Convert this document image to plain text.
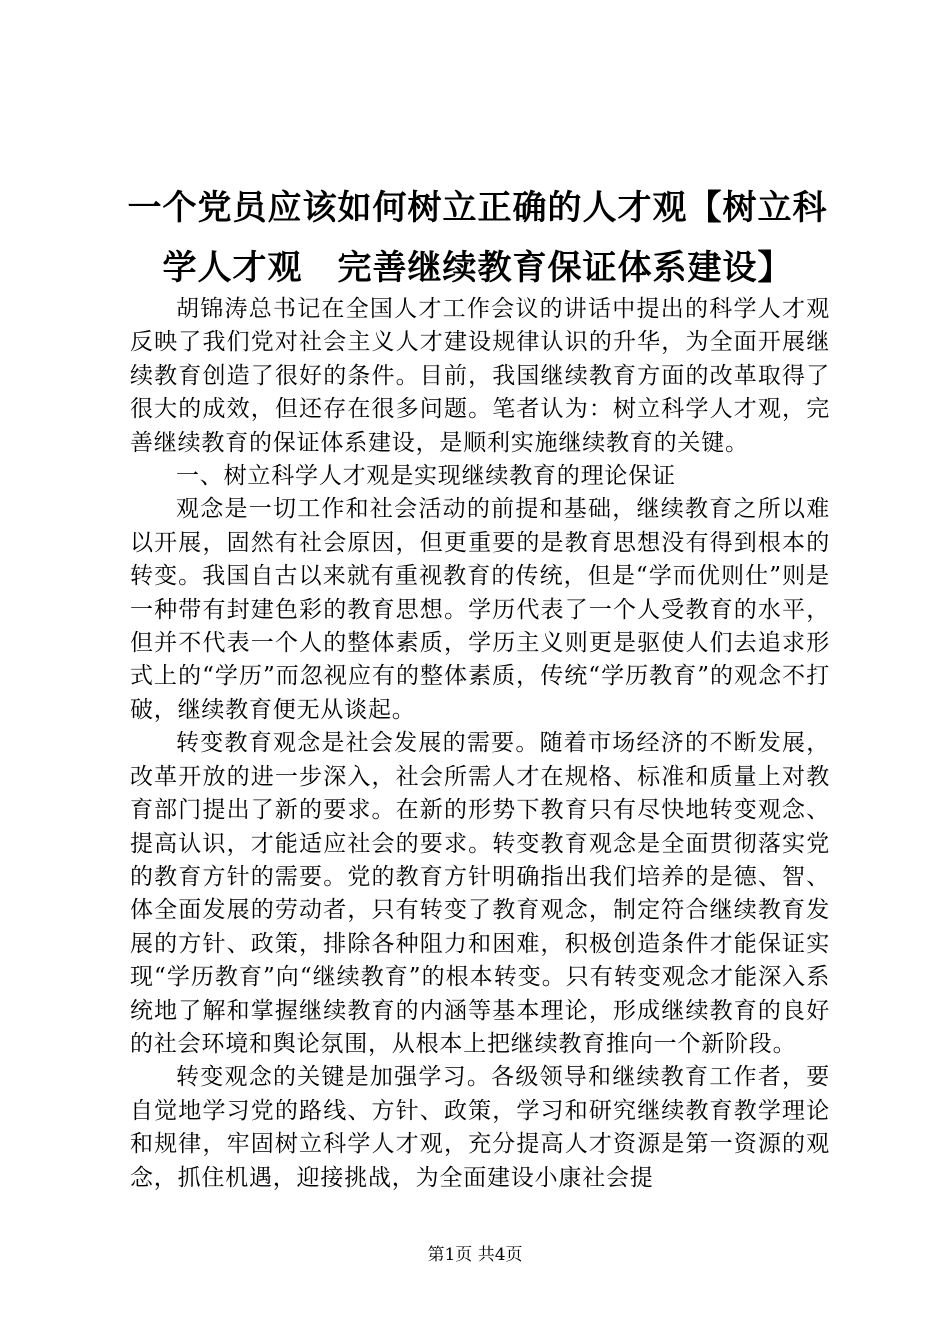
一个党员应该如何树立正确的人才观【树立科学人才观　完善继续教育保证体系建设】

胡锦涛总书记在全国人才工作会议的讲话中提出的科学人才观反映了我们党对社会主义人才建设规律认识的升华，为全面开展继续教育创造了很好的条件。目前，我国继续教育方面的改革取得了很大的成效，但还存在很多问题。笔者认为：树立科学人才观，完善继续教育的保证体系建设，是顺利实施继续教育的关键。

一、树立科学人才观是实现继续教育的理论保证

观念是一切工作和社会活动的前提和基础，继续教育之所以难以开展，固然有社会原因，但更重要的是教育思想没有得到根本的转变。我国自古以来就有重视教育的传统，但是“学而优则仕”则是一种带有封建色彩的教育思想。学历代表了一个人受教育的水平，但并不代表一个人的整体素质，学历主义则更是驱使人们去追求形式上的“学历”而忽视应有的整体素质，传统“学历教育”的观念不打破，继续教育便无从谈起。

转变教育观念是社会发展的需要。随着市场经济的不断发展，改革开放的进一步深入，社会所需人才在规格、标准和质量上对教育部门提出了新的要求。在新的形势下教育只有尽快地转变观念、提高认识，才能适应社会的要求。转变教育观念是全面贯彻落实党的教育方针的需要。党的教育方针明确指出我们培养的是德、智、体全面发展的劳动者，只有转变了教育观念，制定符合继续教育发展的方针、政策，排除各种阻力和困难，积极创造条件才能保证实现“学历教育”向“继续教育”的根本转变。只有转变观念才能深入系统地了解和掌握继续教育的内涵等基本理论，形成继续教育的良好的社会环境和舆论氛围，从根本上把继续教育推向一个新阶段。

转变观念的关键是加强学习。各级领导和继续教育工作者，要自觉地学习党的路线、方针、政策，学习和研究继续教育教学理论和规律，牢固树立科学人才观，充分提高人才资源是第一资源的观念，抓住机遇，迎接挑战，为全面建设小康社会提

第1页 共4页
